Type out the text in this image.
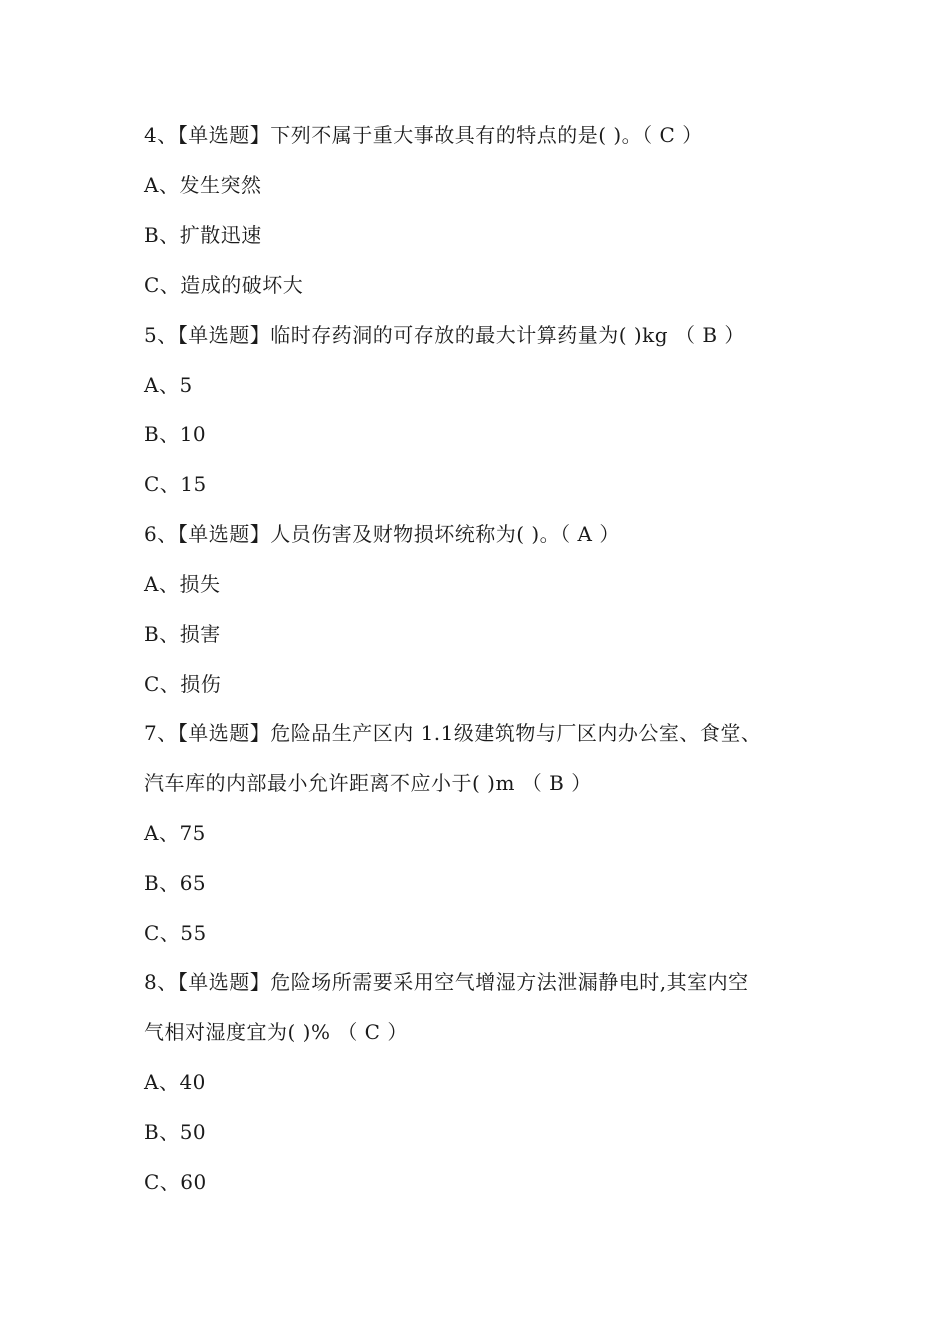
4、【单选题】下列不属于重大事故具有的特点的是( )。（ C ）
A、发生突然
B、扩散迅速
C、造成的破坏大
5、【单选题】临时存药洞的可存放的最大计算药量为( )kg （ B ）
A、5
B、10
C、15
6、【单选题】人员伤害及财物损坏统称为( )。（ A ）
A、损失
B、损害
C、损伤
7、【单选题】危险品生产区内 1.1级建筑物与厂区内办公室、食堂、
汽车库的内部最小允许距离不应小于( )m （ B ）
A、75
B、65
C、55
8、【单选题】危险场所需要采用空气增湿方法泄漏静电时,其室内空
气相对湿度宜为( )% （ C ）
A、40
B、50
C、60
